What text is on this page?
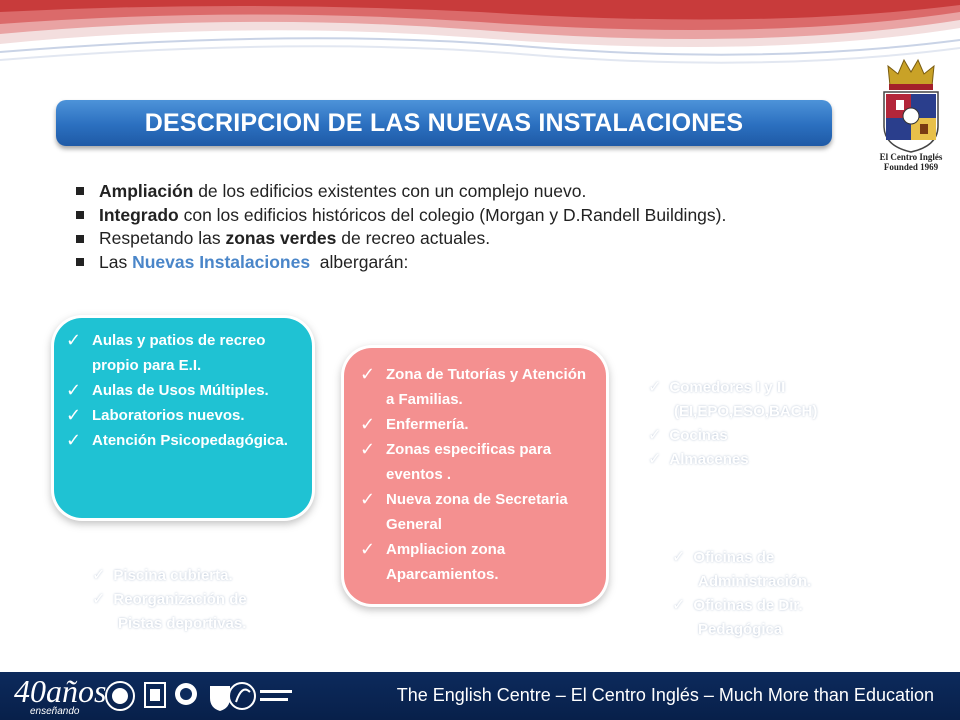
DESCRIPCION DE LAS NUEVAS INSTALACIONES
El Centro Inglés
Founded 1969
Ampliación de los edificios existentes con un complejo nuevo.
Integrado con los edificios históricos del colegio (Morgan y D.Randell Buildings).
Respetando las zonas verdes de recreo actuales.
Las Nuevas Instalaciones  albergarán:
✓ Aulas y patios de recreo propio para E.I.
✓ Aulas de Usos Múltiples.
✓ Laboratorios nuevos.
✓ Atención Psicopedagógica.
✓ Zona de Tutorías y Atención a Familias.
✓ Enfermería.
✓ Zonas especificas para eventos .
✓ Nueva zona de Secretaria General
✓ Ampliacion zona Aparcamientos.
✓ Comedores I y II
(EI,EPO,ESO,BACH)
✓ Cocinas
✓ Almacenes
✓ Oficinas de
Administración.
✓ Oficinas de Dir.
Pedagógica
✓ Piscina cubierta.
✓ Reorganización de
Pistas deportivas.
40años
enseñando
The English Centre – El Centro Inglés – Much More than Education
